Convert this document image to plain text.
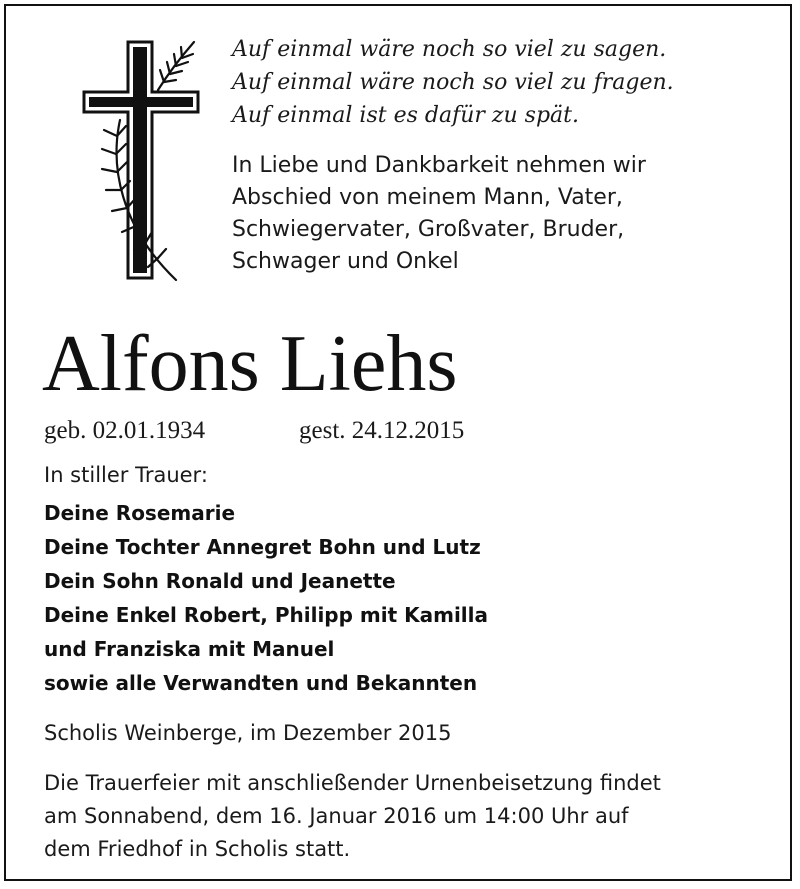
Auf einmal wäre noch so viel zu sagen.
Auf einmal wäre noch so viel zu fragen.
Auf einmal ist es dafür zu spät.
In Liebe und Dankbarkeit nehmen wir
Abschied von meinem Mann, Vater,
Schwiegervater, Großvater, Bruder,
Schwager und Onkel
Alfons Liehs
geb. 02.01.1934	gest. 24.12.2015
In stiller Trauer:
Deine Rosemarie
Deine Tochter Annegret Bohn und Lutz
Dein Sohn Ronald und Jeanette
Deine Enkel Robert, Philipp mit Kamilla
und Franziska mit Manuel
sowie alle Verwandten und Bekannten
Scholis Weinberge, im Dezember 2015
Die Trauerfeier mit anschließender Urnenbeisetzung findet
am Sonnabend, dem 16. Januar 2016 um 14:00 Uhr auf
dem Friedhof in Scholis statt.
